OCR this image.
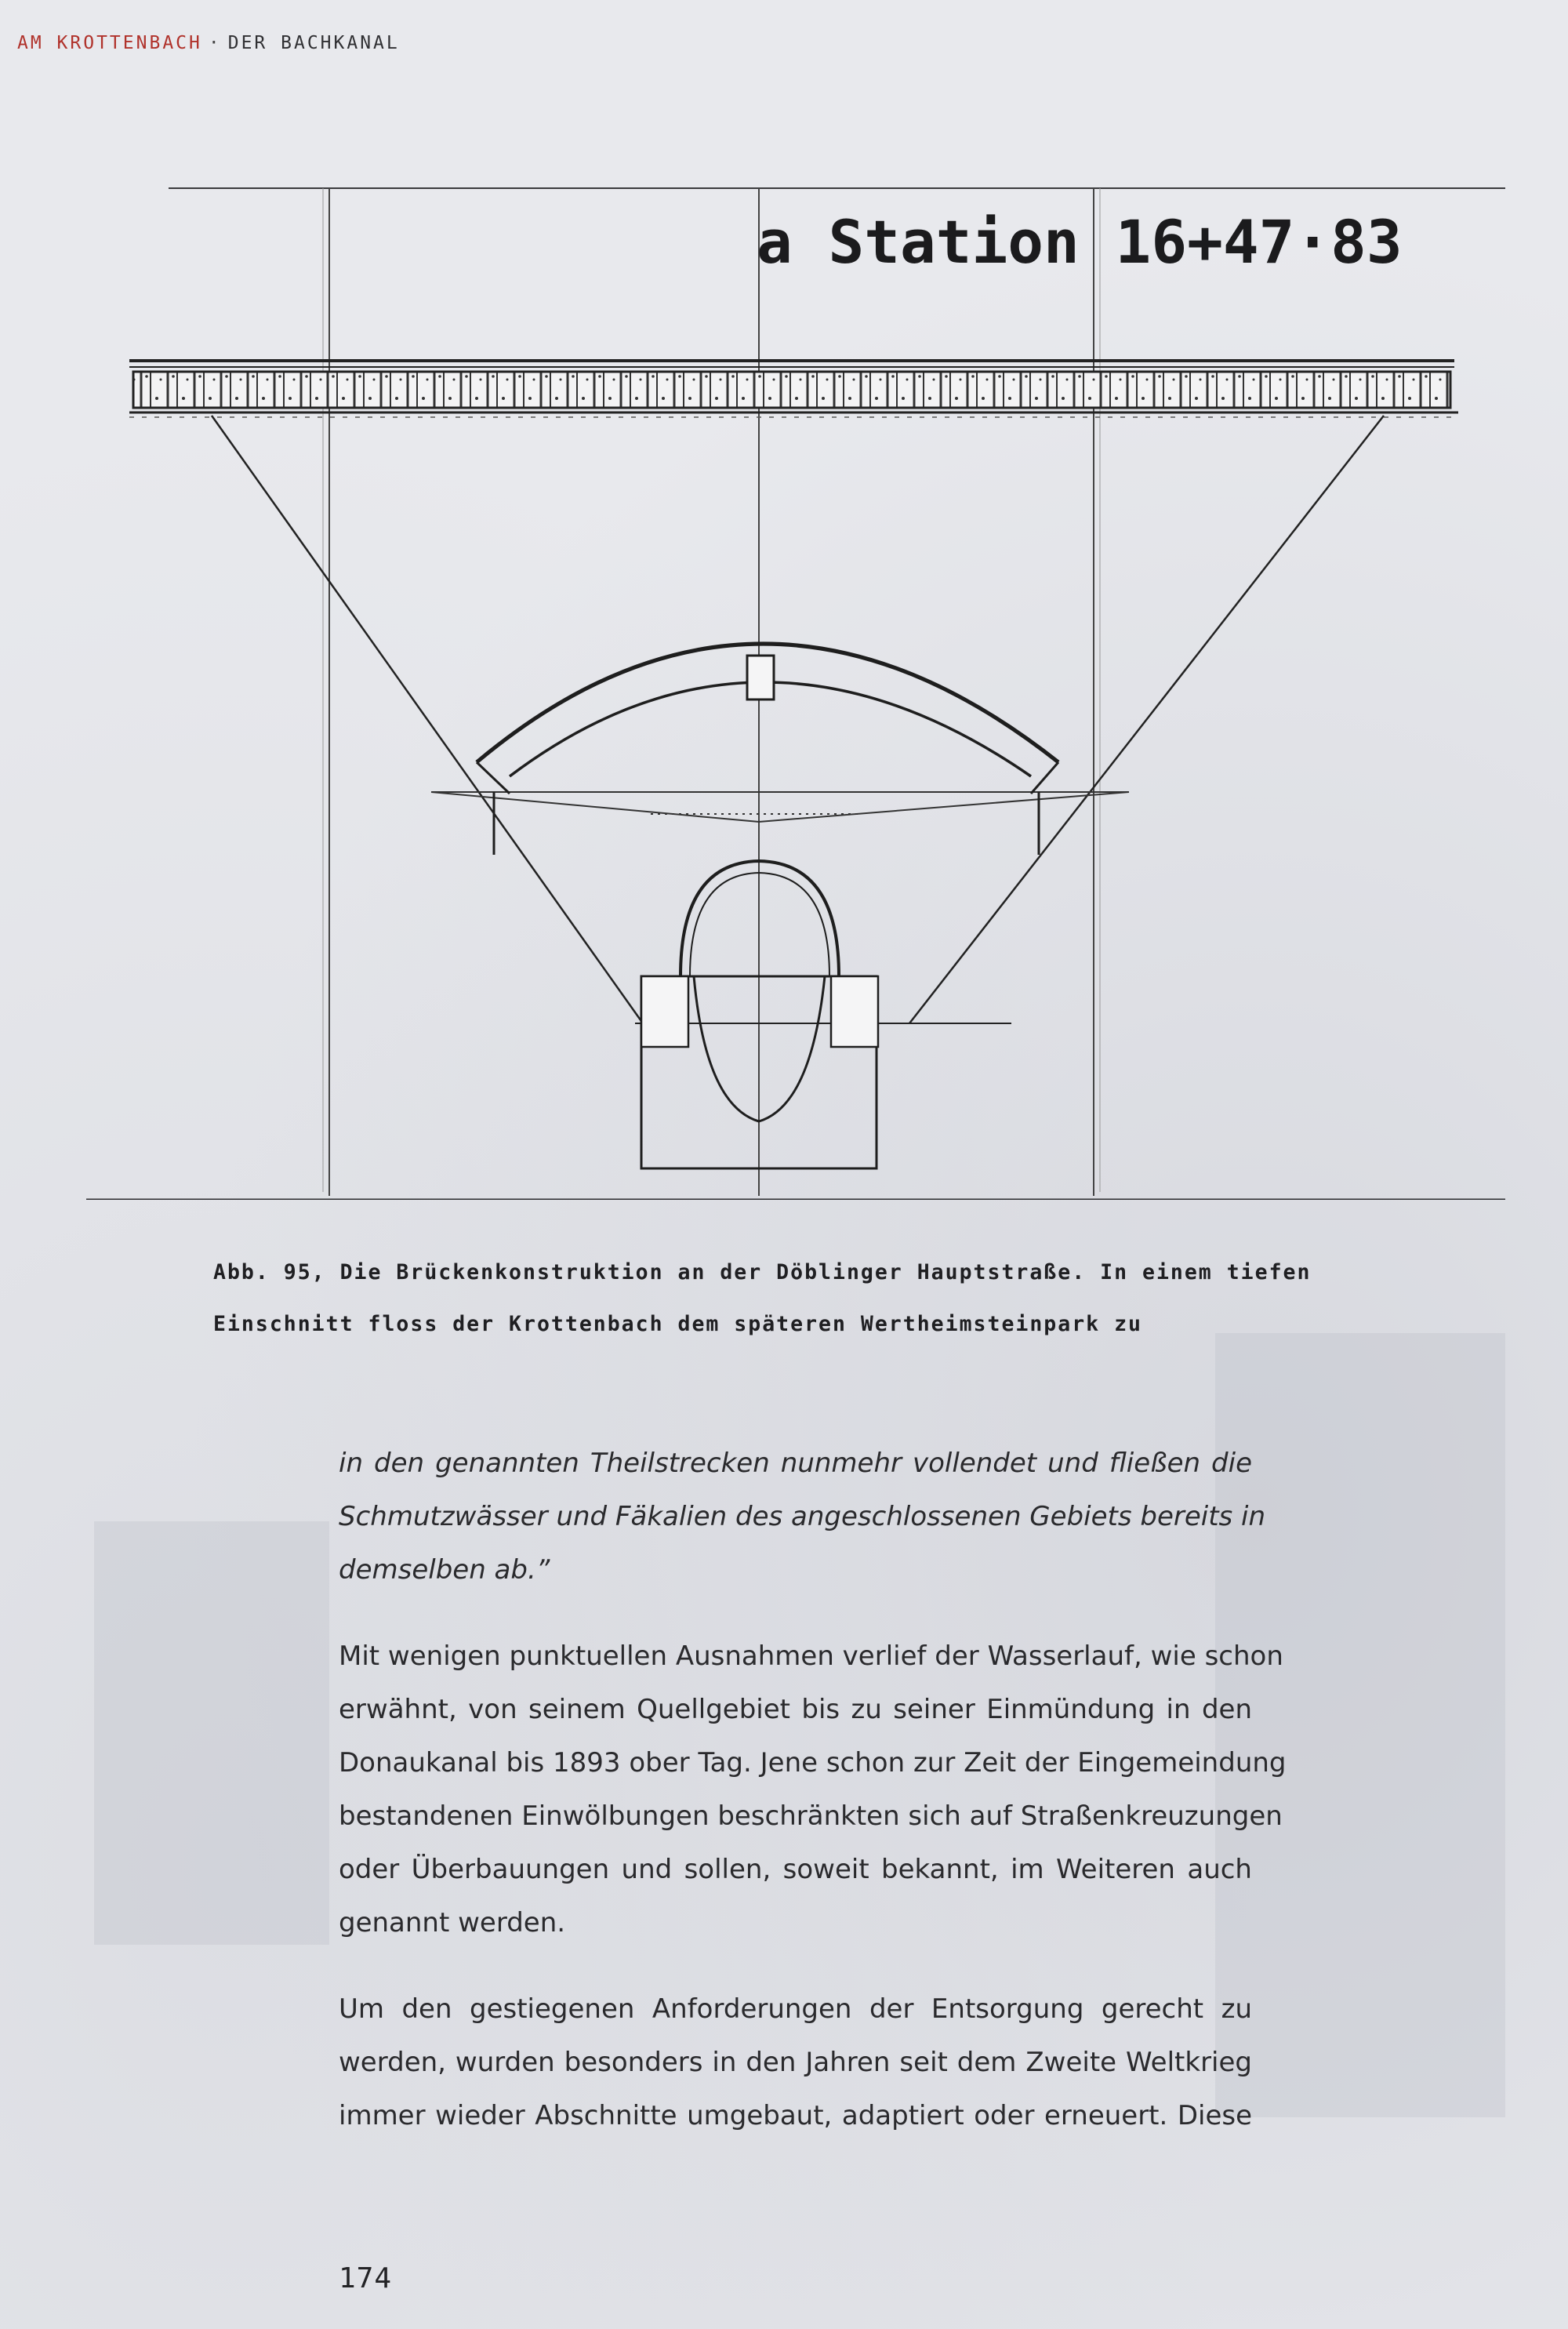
AM KROTTENBACH · DER BACHKANAL
a Station 16+47·83
Abb. 95, Die Brückenkonstruktion an der Döblinger Hauptstraße. In einem tiefen
Einschnitt floss der Krottenbach dem späteren Wertheimsteinpark zu

in den genannten Theilstrecken nunmehr vollendet und fließen die
Schmutzwässer und Fäkalien des angeschlossenen Gebiets bereits in
demselben ab.”

Mit wenigen punktuellen Ausnahmen verlief der Wasserlauf, wie schon
erwähnt, von seinem Quellgebiet bis zu seiner Einmündung in den
Donaukanal bis 1893 ober Tag. Jene schon zur Zeit der Eingemeindung
bestandenen Einwölbungen beschränkten sich auf Straßenkreuzungen
oder Überbauungen und sollen, soweit bekannt, im Weiteren auch
genannt werden.

Um den gestiegenen Anforderungen der Entsorgung gerecht zu
werden, wurden besonders in den Jahren seit dem Zweite Weltkrieg
immer wieder Abschnitte umgebaut, adaptiert oder erneuert. Diese

174
